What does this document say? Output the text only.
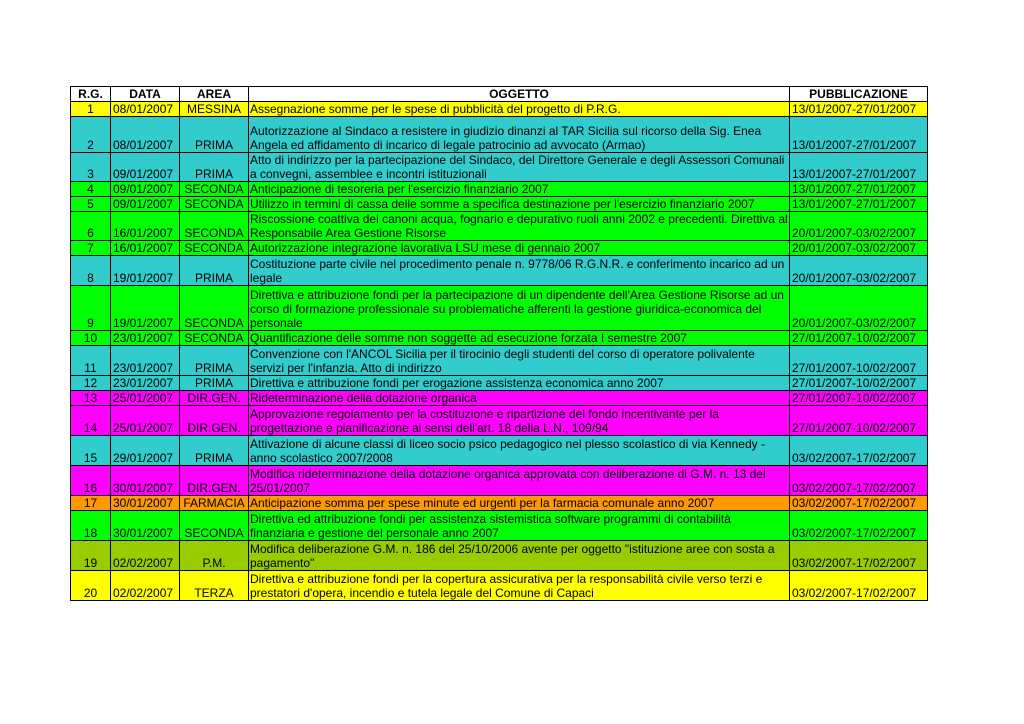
R.G.	DATA	AREA	OGGETTO	PUBBLICAZIONE
1	08/01/2007	MESSINA	Assegnazione somme per le spese di pubblicità del progetto di P.R.G.	13/01/2007-27/01/2007
2	08/01/2007	PRIMA	Autorizzazione al Sindaco a resistere in giudizio dinanzi al TAR Sicilia sul ricorso della Sig. Enea Angela ed affidamento di incarico di legale patrocinio ad avvocato (Armao)	13/01/2007-27/01/2007
3	09/01/2007	PRIMA	Atto di indirizzo per la partecipazione del Sindaco, del Direttore Generale e degli Assessori Comunali a convegni, assemblee e incontri istituzionali	13/01/2007-27/01/2007
4	09/01/2007	SECONDA	Anticipazione di tesoreria per l'esercizio finanziario 2007	13/01/2007-27/01/2007
5	09/01/2007	SECONDA	Utilizzo in termini di cassa delle somme a specifica destinazione per l'esercizio finanziario 2007	13/01/2007-27/01/2007
6	16/01/2007	SECONDA	Riscossione coattiva dei canoni acqua, fognario e depurativo ruoli anni 2002 e precedenti. Direttiva al Responsabile Area Gestione Risorse	20/01/2007-03/02/2007
7	16/01/2007	SECONDA	Autorizzazione integrazione lavorativa LSU mese di gennaio 2007	20/01/2007-03/02/2007
8	19/01/2007	PRIMA	Costituzione parte civile nel procedimento penale n. 9778/06 R.G.N.R. e conferimento incarico ad un legale	20/01/2007-03/02/2007
9	19/01/2007	SECONDA	Direttiva e attribuzione fondi per la partecipazione di un dipendente dell'Area Gestione Risorse ad un corso di formazione professionale su problematiche afferenti la gestione giuridica-economica del personale	20/01/2007-03/02/2007
10	23/01/2007	SECONDA	Quantificazione delle somme non soggette ad esecuzione forzata I semestre 2007	27/01/2007-10/02/2007
11	23/01/2007	PRIMA	Convenzione con l'ANCOL Sicilia per il tirocinio degli studenti del corso di operatore polivalente servizi per l'infanzia. Atto di indirizzo	27/01/2007-10/02/2007
12	23/01/2007	PRIMA	Direttiva e attribuzione fondi per erogazione assistenza economica anno 2007	27/01/2007-10/02/2007
13	25/01/2007	DIR.GEN.	Rideterminazione della dotazione organica	27/01/2007-10/02/2007
14	25/01/2007	DIR.GEN.	Approvazione regolamento per la costituzione e ripartizione del fondo incentivante per la progettazione e pianificazione ai sensi dell'art. 18 della L.N., 109/94	27/01/2007-10/02/2007
15	29/01/2007	PRIMA	Attivazione di alcune classi di liceo socio psico pedagogico nel plesso scolastico di via Kennedy - anno scolastico 2007/2008	03/02/2007-17/02/2007
16	30/01/2007	DIR.GEN.	Modifica rideterminazione della dotazione organica approvata con deliberazione di G.M. n. 13 del 25/01/2007	03/02/2007-17/02/2007
17	30/01/2007	FARMACIA	Anticipazione somma per spese minute ed urgenti per la farmacia comunale anno 2007	03/02/2007-17/02/2007
18	30/01/2007	SECONDA	Direttiva ed attribuzione fondi per assistenza sistemistica software programmi di contabilità finanziaria e gestione del personale anno 2007	03/02/2007-17/02/2007
19	02/02/2007	P.M.	Modifica deliberazione G.M. n. 186 del 25/10/2006 avente per oggetto "istituzione aree con sosta a pagamento"	03/02/2007-17/02/2007
20	02/02/2007	TERZA	Direttiva e attribuzione fondi per la copertura assicurativa per la responsabilità civile verso terzi e prestatori d'opera, incendio e tutela legale del Comune di Capaci	03/02/2007-17/02/2007
